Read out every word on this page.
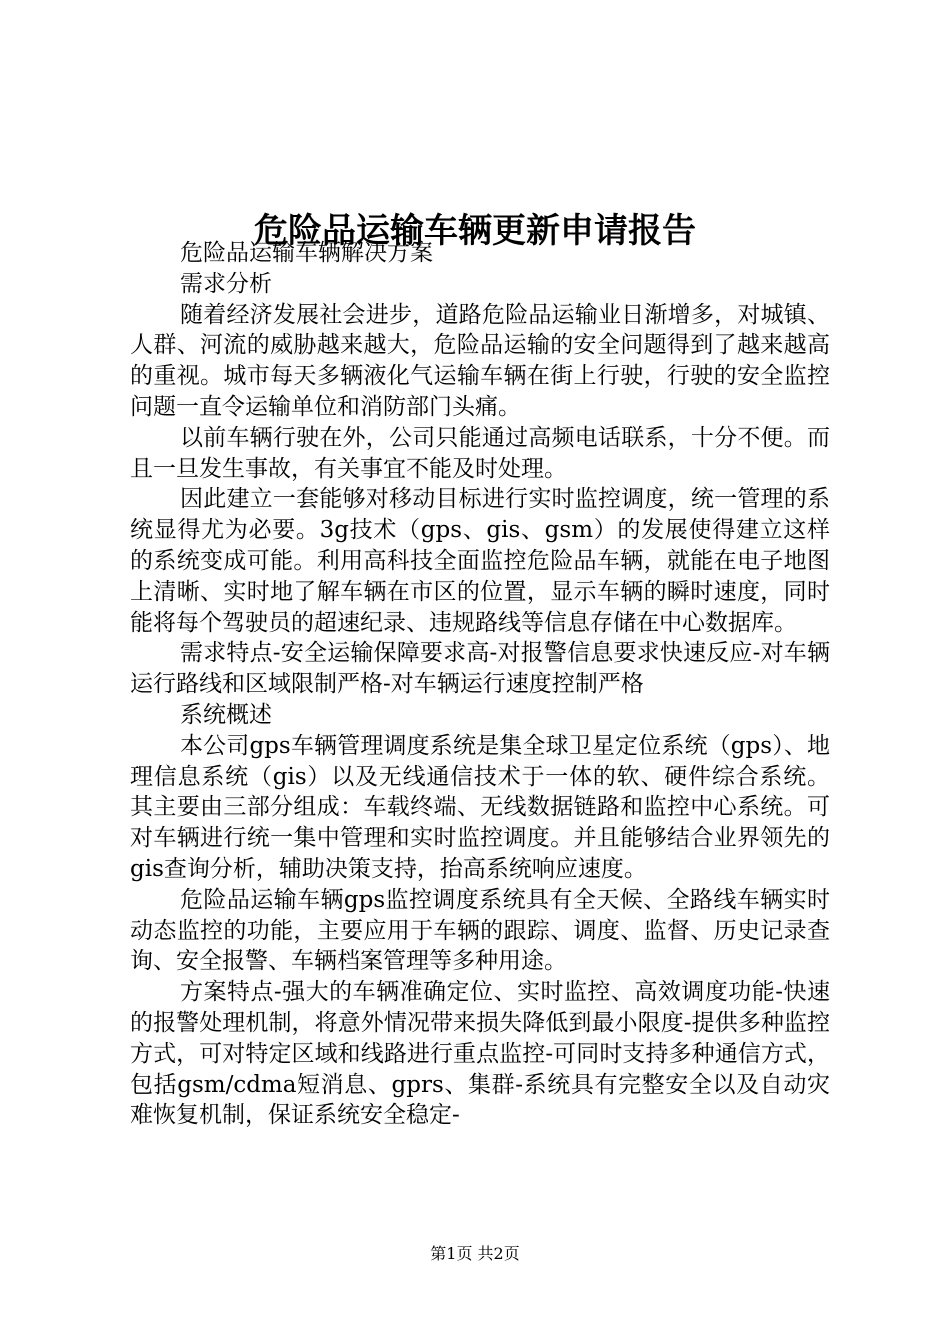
危险品运输车辆更新申请报告

危险品运输车辆解决方案

需求分析

随着经济发展社会进步，道路危险品运输业日渐增多，对城镇、人群、河流的威胁越来越大，危险品运输的安全问题得到了越来越高的重视。城市每天多辆液化气运输车辆在街上行驶，行驶的安全监控问题一直令运输单位和消防部门头痛。

以前车辆行驶在外，公司只能通过高频电话联系，十分不便。而且一旦发生事故，有关事宜不能及时处理。

因此建立一套能够对移动目标进行实时监控调度，统一管理的系统显得尤为必要。3g技术（gps、gis、gsm）的发展使得建立这样的系统变成可能。利用高科技全面监控危险品车辆，就能在电子地图上清晰、实时地了解车辆在市区的位置，显示车辆的瞬时速度，同时能将每个驾驶员的超速纪录、违规路线等信息存储在中心数据库。

需求特点-安全运输保障要求高-对报警信息要求快速反应-对车辆运行路线和区域限制严格-对车辆运行速度控制严格

系统概述

本公司gps车辆管理调度系统是集全球卫星定位系统（gps）、地理信息系统（gis）以及无线通信技术于一体的软、硬件综合系统。其主要由三部分组成：车载终端、无线数据链路和监控中心系统。可对车辆进行统一集中管理和实时监控调度。并且能够结合业界领先的gis查询分析，辅助决策支持，抬高系统响应速度。

危险品运输车辆gps监控调度系统具有全天候、全路线车辆实时动态监控的功能，主要应用于车辆的跟踪、调度、监督、历史记录查询、安全报警、车辆档案管理等多种用途。

方案特点-强大的车辆准确定位、实时监控、高效调度功能-快速的报警处理机制，将意外情况带来损失降低到最小限度-提供多种监控方式，可对特定区域和线路进行重点监控-可同时支持多种通信方式，包括gsm/cdma短消息、gprs、集群-系统具有完整安全以及自动灾难恢复机制，保证系统安全稳定-

第1页 共2页
